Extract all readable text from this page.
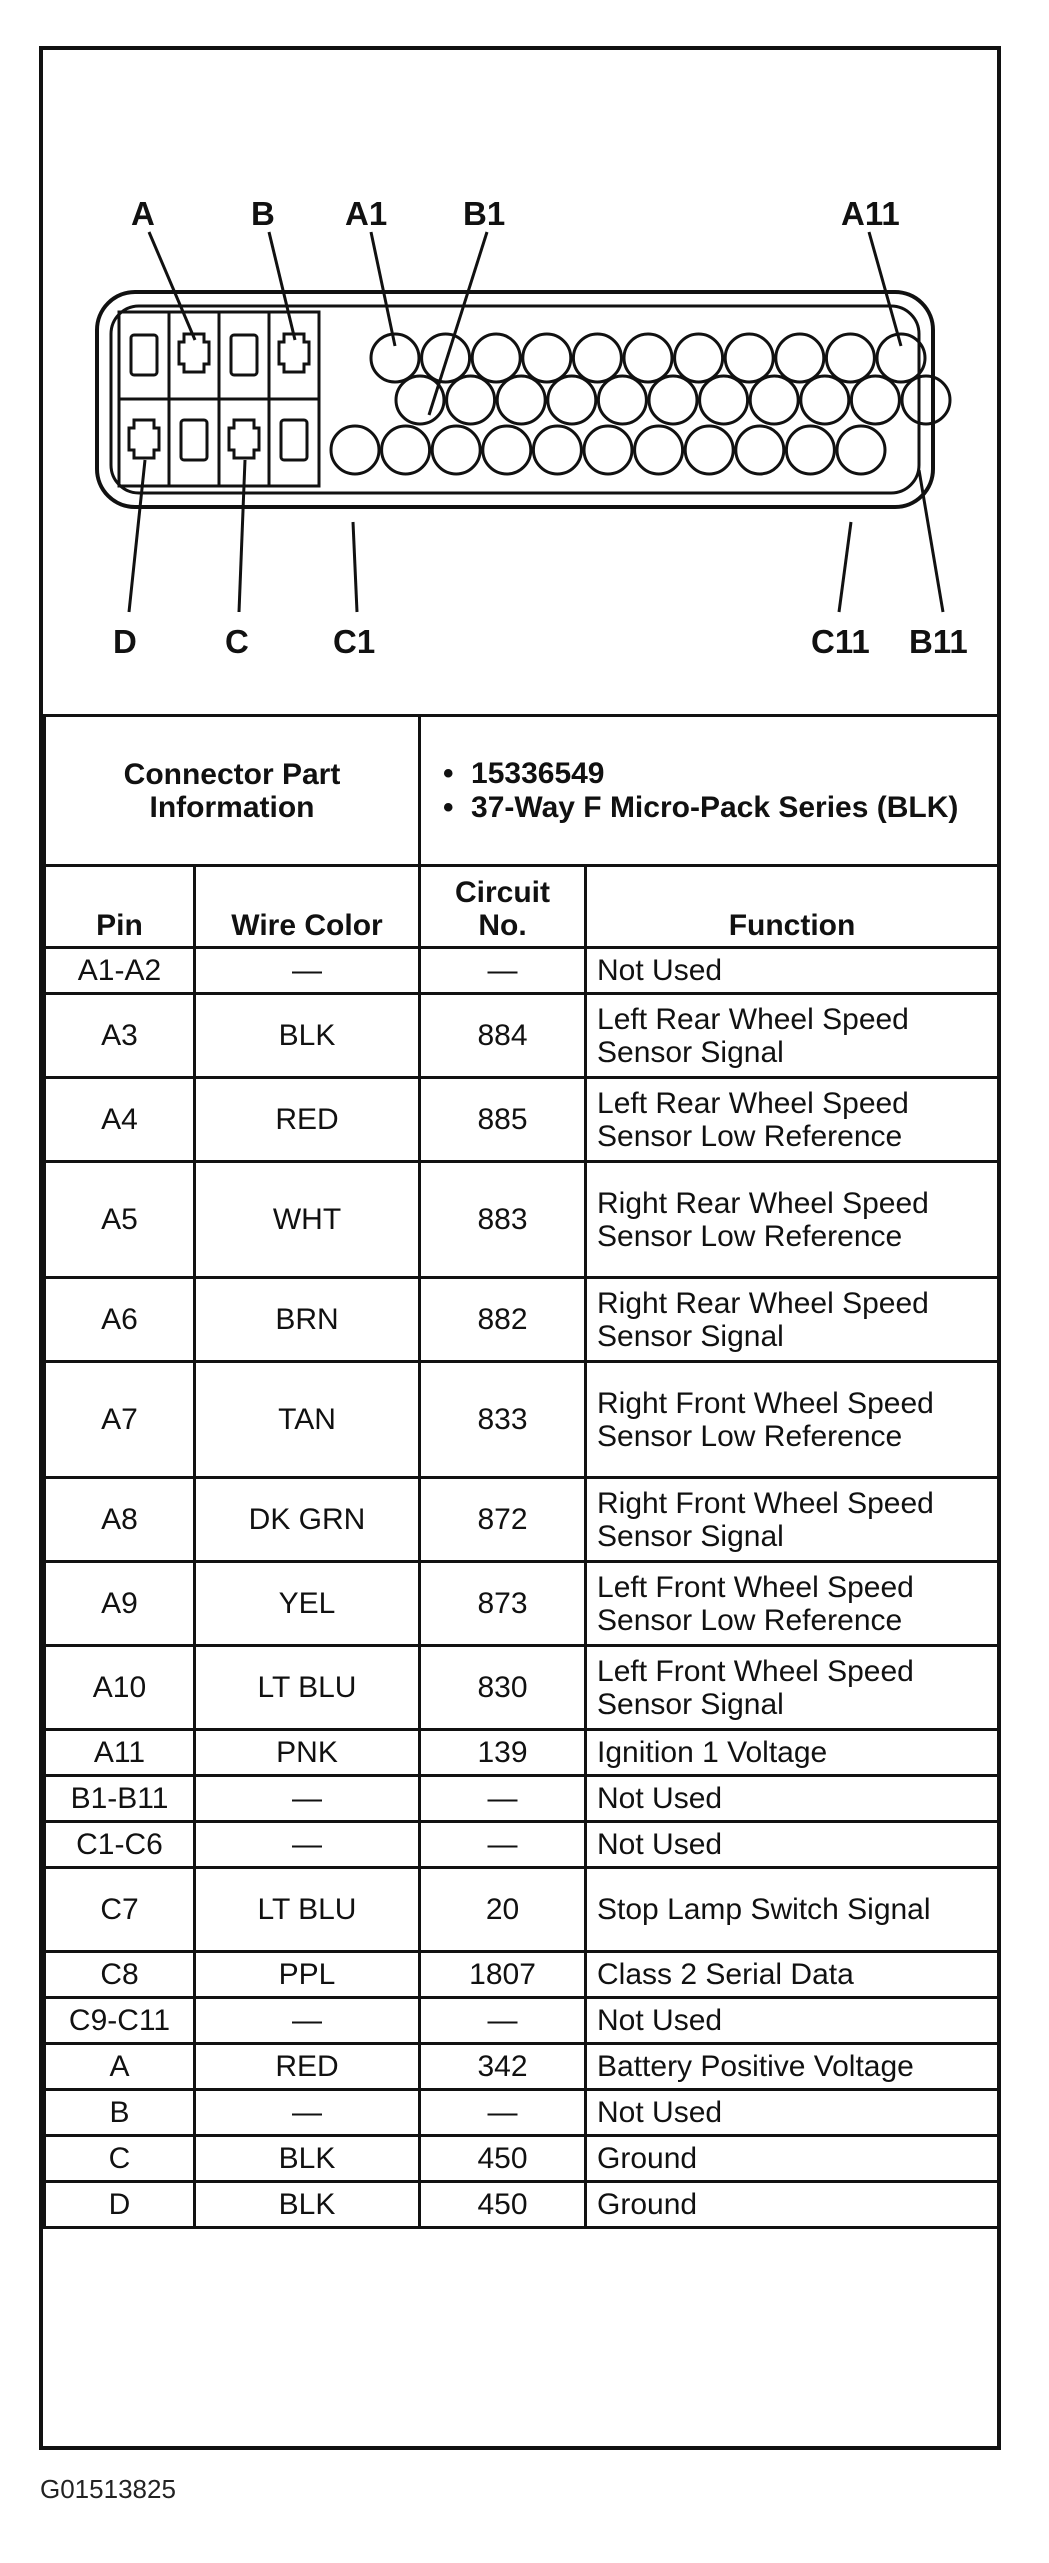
A	B A1 B1	A11
D	C	C1	C11 B11
Connector Part Information		• 15336549
• 37-Way F Micro-Pack Series (BLK)

Pin	Wire Color	Circuit No.	Function
A1-A2	—	—	Not Used
A3	BLK	884	Left Rear Wheel Speed Sensor Signal
A4	RED	885	Left Rear Wheel Speed Sensor Low Reference
A5	WHT	883	Right Rear Wheel Speed Sensor Low Reference
A6	BRN	882	Right Rear Wheel Speed Sensor Signal
A7	TAN	833	Right Front Wheel Speed Sensor Low Reference
A8	DK GRN	872	Right Front Wheel Speed Sensor Signal
A9	YEL	873	Left Front Wheel Speed Sensor Low Reference
A10	LT BLU	830	Left Front Wheel Speed Sensor Signal
A11	PNK	139	Ignition 1 Voltage
B1-B11	—	—	Not Used
C1-C6	—	—	Not Used
C7	LT BLU	20	Stop Lamp Switch Signal
C8	PPL	1807	Class 2 Serial Data
C9-C11	—	—	Not Used
A	RED	342	Battery Positive Voltage
B	—	—	Not Used
C	BLK	450	Ground
D	BLK	450	Ground
G01513825
